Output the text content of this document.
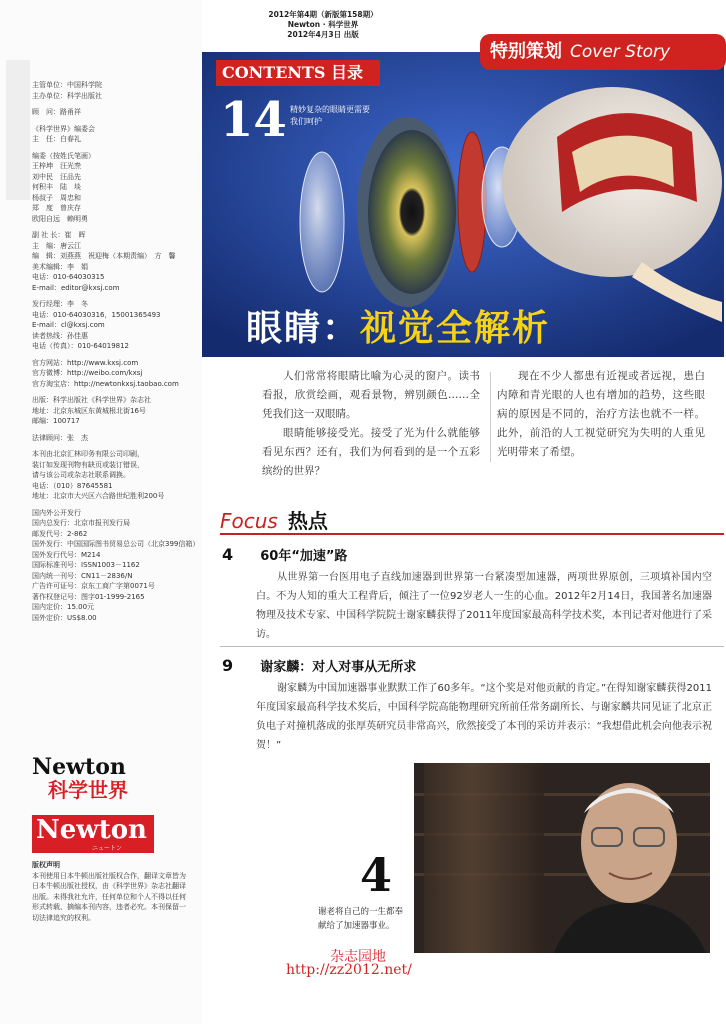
主管单位：中国科学院
主办单位：科学出版社
顾　问：路甬祥
《科学世界》编委会
主　任：白春礼
编委（按姓氏笔画）
王梓坤　汪光焘
刘中民　汪品先
何积丰　陆　埮
杨叔子　周忠和
郑　度　曾庆存
欧阳自远　赖明勇
副 社 长：崔　晖
主　编：唐云江
编　辑：刘燕燕　祝迎梅（本期责编）　方　馨
美术编辑：李　娟
电话：010-64030315
E-mail：editor@kxsj.com
发行经理：李　冬
电话：010-64030316，15001365493
E-mail：cl@kxsj.com
读者热线：孙佳惠
电话（传真）：010-64019812
官方网站：http://www.kxsj.com
官方微博：http://weibo.com/kxsj
官方淘宝店：http://newtonkxsj.taobao.com
出版：科学出版社《科学世界》杂志社
地址：北京东城区东黄城根北街16号
邮编：100717
法律顾问：张　杰
本刊由北京汇林印务有限公司印刷，
装订如发现刊物有缺页或装订错误，
请与该公司或杂志社联系调换。
电话：（010）87645581
地址：北京市大兴区六合路世纪胜利200号
国内外公开发行
国内总发行：北京市报刊发行局
邮发代号：2-862
国外发行：中国国际图书贸易总公司（北京399信箱）
国外发行代号：M214
国际标准刊号：ISSN1003－1162
国内统一刊号：CN11－2836/N
广告许可证号：京东工商广字第0071号
著作权登记号：图字01-1999-2165
国内定价：15.00元
国外定价：US$8.00
Newton
科学世界
Newton
ニュートン
版权声明
本刊使用日本牛顿出版社版权合作，翻译文章皆为日本牛顿出版社授权，由《科学世界》杂志社翻译出版。未得我社允许，任何单位和个人不得以任何形式转载、摘编本刊内容，违者必究。本刊保留一切法律追究的权利。
2012年第4期（新版第158期）
Newton · 科学世界
2012年4月3日 出版
CONTENTS 目录
特别策划 Cover Story
14 精妙复杂的眼睛更需要我们呵护
眼睛：视觉全解析
人们常常将眼睛比喻为心灵的窗户。读书看报，欣赏绘画，观看景物，辨别颜色……全凭我们这一双眼睛。
眼睛能够接受光。接受了光为什么就能够看见东西？还有，我们为何看到的是一个五彩缤纷的世界？
现在不少人都患有近视或者远视，患白内障和青光眼的人也有增加的趋势，这些眼病的原因是不同的，治疗方法也就不一样。此外，前沿的人工视觉研究为失明的人重见光明带来了希望。
Focus 热点
4 60年“加速”路
从世界第一台医用电子直线加速器到世界第一台紧凑型加速器，两项世界原创，三项填补国内空白。不为人知的重大工程背后，倾注了一位92岁老人一生的心血。2012年2月14日，我国著名加速器物理及技术专家、中国科学院院士谢家麟获得了2011年度国家最高科学技术奖，本刊记者对他进行了采访。
9 谢家麟：对人对事从无所求
谢家麟为中国加速器事业默默工作了60多年。“这个奖是对他贡献的肯定。”在得知谢家麟获得2011年度国家最高科学技术奖后，中国科学院高能物理研究所前任常务副所长、与谢家麟共同见证了北京正负电子对撞机落成的张厚英研究员非常高兴，欣然接受了本刊的采访并表示：“我想借此机会向他表示祝贺！”
4
谢老将自己的一生都奉献给了加速器事业。
杂志园地
http://zz2012.net/
